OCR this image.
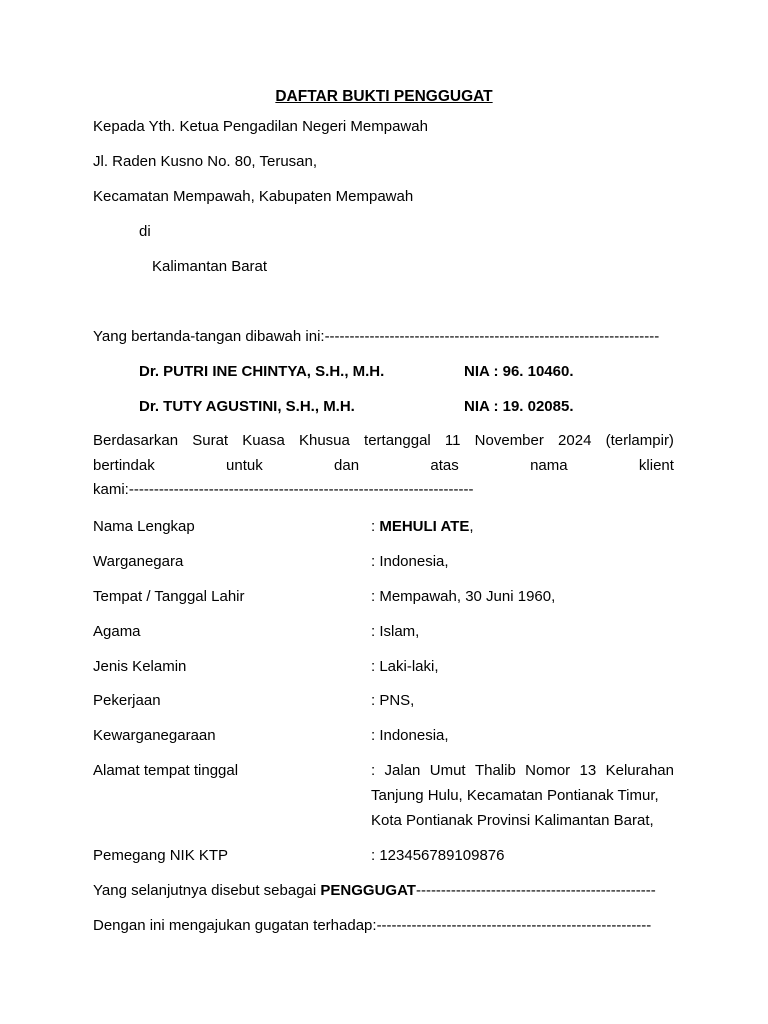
DAFTAR BUKTI PENGGUGAT
Kepada Yth. Ketua Pengadilan Negeri Mempawah
Jl. Raden Kusno No. 80, Terusan,
Kecamatan Mempawah, Kabupaten Mempawah
di
Kalimantan Barat
Yang bertanda-tangan dibawah ini:-------------------------------------------------------------------
Dr. PUTRI INE CHINTYA, S.H., M.H.	NIA : 96. 10460.
Dr. TUTY AGUSTINI, S.H., M.H.	NIA : 19. 02085.
Berdasarkan Surat Kuasa Khusua tertanggal 11 November 2024 (terlampir)
bertindak	untuk	dan	atas	nama	klient
kami:---------------------------------------------------------------------
Nama Lengkap	: MEHULI ATE,
Warganegara	: Indonesia,
Tempat / Tanggal Lahir	: Mempawah, 30 Juni 1960,
Agama	: Islam,
Jenis Kelamin	: Laki-laki,
Pekerjaan	: PNS,
Kewarganegaraan	: Indonesia,
Alamat tempat tinggal	: Jalan Umut Thalib Nomor 13 Kelurahan
Tanjung Hulu, Kecamatan Pontianak Timur,
Kota Pontianak Provinsi Kalimantan Barat,
Pemegang NIK KTP	: 123456789109876
Yang selanjutnya disebut sebagai PENGGUGAT------------------------------------------------
Dengan ini mengajukan gugatan terhadap:-------------------------------------------------------
